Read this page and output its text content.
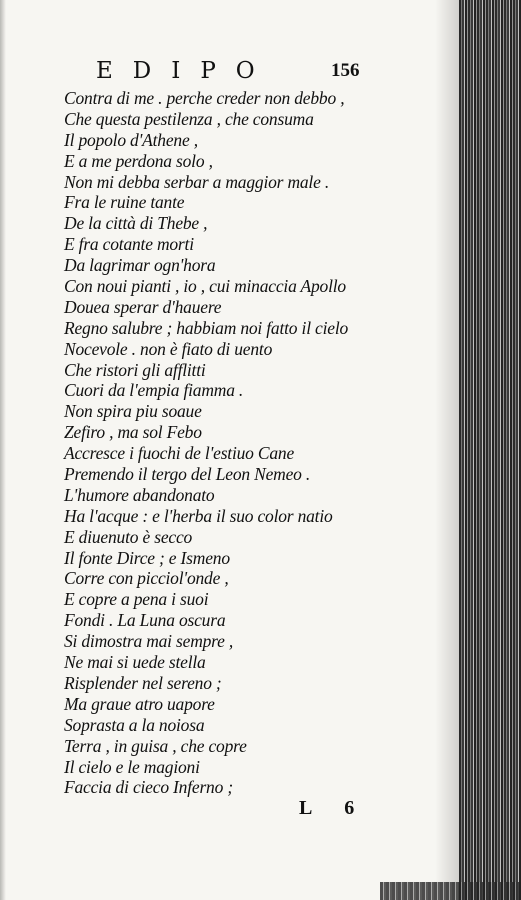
EDIPO	156
Contra di me . perche creder non debbo ,
Che questa pestilenza , che consuma
Il popolo d'Athene ,
E a me perdona solo ,
Non mi debba serbar a maggior male .
Fra le ruine tante
De la città di Thebe ,
E fra cotante morti
Da lagrimar ogn'hora
Con noui pianti , io , cui minaccia Apollo
Douea sperar d'hauere
Regno salubre ; habbiam noi fatto il cielo
Nocevole . non è fiato di uento
Che ristori gli afflitti
Cuori da l'empia fiamma .
Non spira piu soaue
Zefiro , ma sol Febo
Accresce i fuochi de l'estiuo Cane
Premendo il tergo del Leon Nemeo .
L'humore abandonato
Ha l'acque : e l'herba il suo color natio
E diuenuto è secco
Il fonte Dirce ; e Ismeno
Corre con picciol'onde ,
E copre a pena i suoi
Fondi . La Luna oscura
Si dimostra mai sempre ,
Ne mai si uede stella
Risplender nel sereno ;
Ma graue atro uapore
Soprasta a la noiosa
Terra , in guisa , che copre
Il cielo e le magioni
Faccia di cieco Inferno ;
L 6
